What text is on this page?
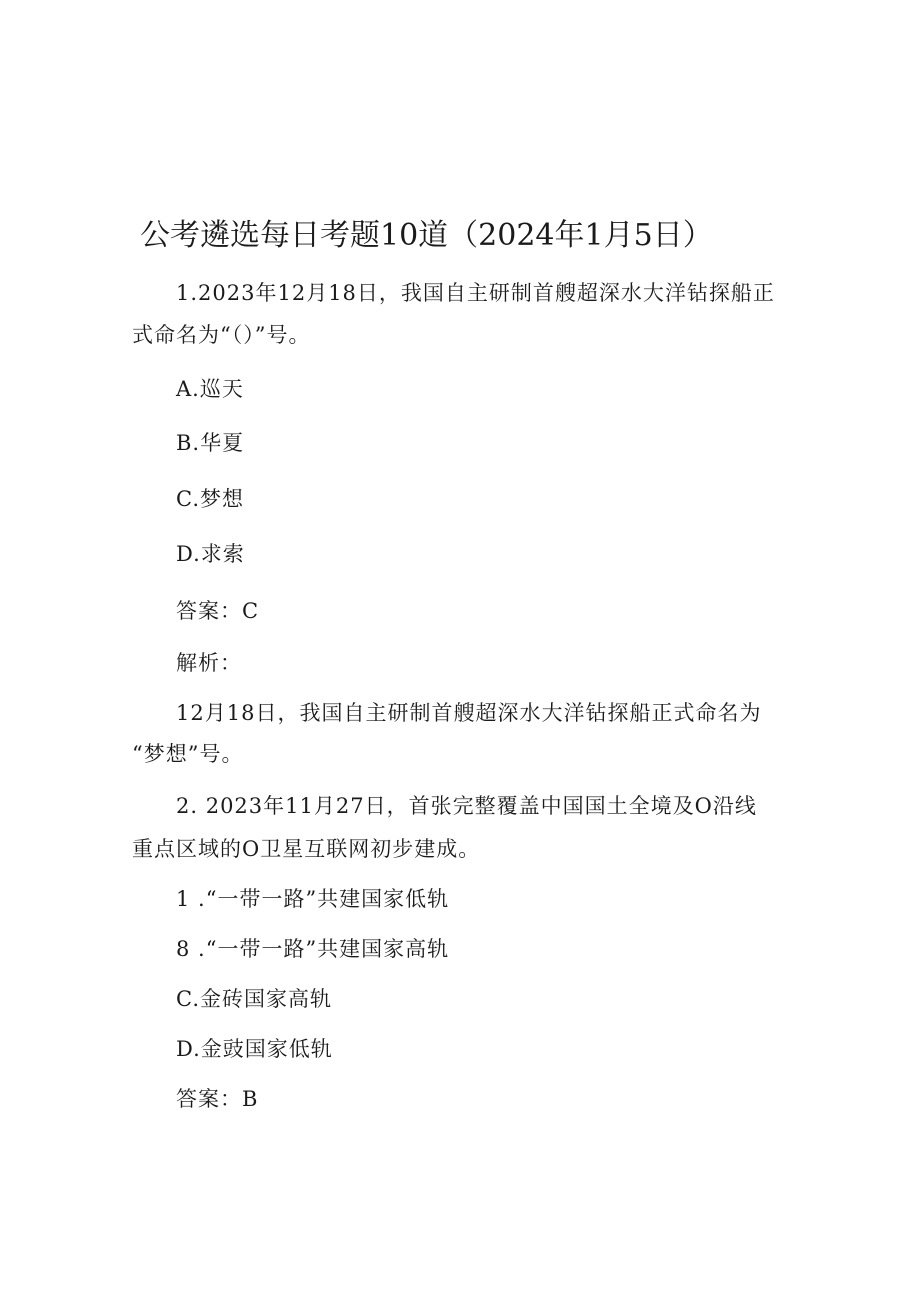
公考遴选每日考题10道（2024年1月5日）
1.2023年12月18日，我国自主研制首艘超深水大洋钻探船正
式命名为“（）”号。
A.巡天
B.华夏
C.梦想
D.求索
答案：C
解析：
12月18日，我国自主研制首艘超深水大洋钻探船正式命名为
“梦想”号。
2. 2023年11月27日，首张完整覆盖中国国土全境及O沿线
重点区域的O卫星互联网初步建成。
1 .“一带一路”共建国家低轨
8 .“一带一路”共建国家高轨
C.金砖国家高轨
D.金豉国家低轨
答案：B
